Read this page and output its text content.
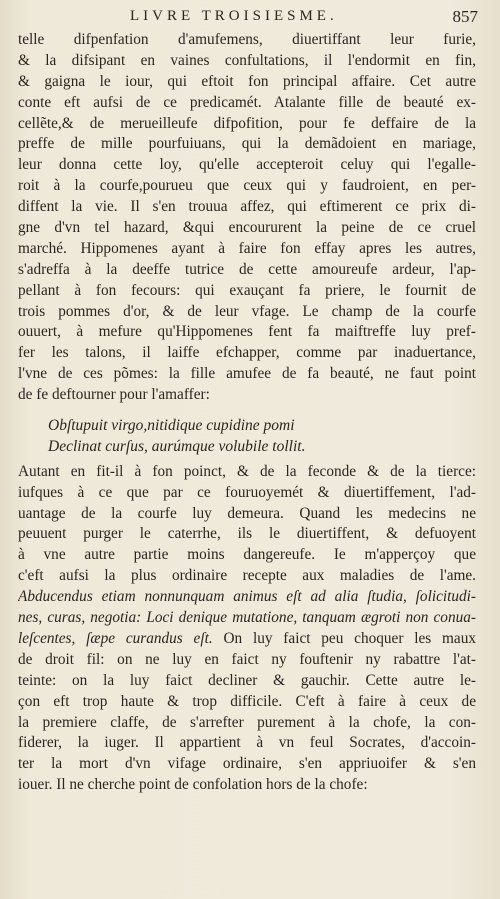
LIVRE TROISIESME.	857
telle difpenfation d'amufemens, diuertiffant leur furie,
& la difsipant en vaines confultations, il l'endormit en fin,
& gaigna le iour, qui eftoit fon principal affaire. Cet autre
conte eft aufsi de ce predicamét. Atalante fille de beauté ex-
cellẽte,& de merueilleufe difpofition, pour fe deffaire de la
preffe de mille pourfuiuans, qui la demãdoient en mariage,
leur donna cette loy, qu'elle accepteroit celuy qui l'egalle-
roit à la courfe,pourueu que ceux qui y faudroient, en per-
diffent la vie. Il s'en trouua affez, qui eftimerent ce prix di-
gne d'vn tel hazard, &qui encoururent la peine de ce cruel
marché. Hippomenes ayant à faire fon effay apres les autres,
s'adreffa à la deeffe tutrice de cette amoureufe ardeur, l'ap-
pellant à fon fecours: qui exauçant fa priere, le fournit de
trois pommes d'or, & de leur vfage. Le champ de la courfe
ouuert, à mefure qu'Hippomenes fent fa maiftreffe luy pref-
fer les talons, il laiffe efchapper, comme par inaduertance,
l'vne de ces põmes: la fille amufee de fa beauté, ne faut point
de fe deftourner pour l'amaffer:
Obſtupuit virgo,nitidique cupidine pomi
Declinat curſus, aurúmque volubile tollit.
Autant en fit-il à fon poinct, & de la feconde & de la tierce:
iufques à ce que par ce fouruoyemét & diuertiffement, l'ad-
uantage de la courfe luy demeura. Quand les medecins ne
peuuent purger le caterrhe, ils le diuertiffent, & defuoyent
à vne autre partie moins dangereufe. Ie m'apperçoy que
c'eft aufsi la plus ordinaire recepte aux maladies de l'ame.
Abducendus etiam nonnunquam animus eſt ad alia ſtudia, ſolicitudi-
nes, curas, negotia: Loci denique mutatione, tanquam ægroti non conua-
leſcentes, ſæpe curandus eſt. On luy faict peu choquer les maux
de droit fil: on ne luy en faict ny fouftenir ny rabattre l'at-
teinte: on la luy faict decliner & gauchir. Cette autre le-
çon eft trop haute & trop difficile. C'eft à faire à ceux de
la premiere claffe, de s'arrefter purement à la chofe, la con-
fiderer, la iuger. Il appartient à vn feul Socrates, d'accoin-
ter la mort d'vn vifage ordinaire, s'en appriuoifer & s'en
iouer. Il ne cherche point de confolation hors de la chofe:
